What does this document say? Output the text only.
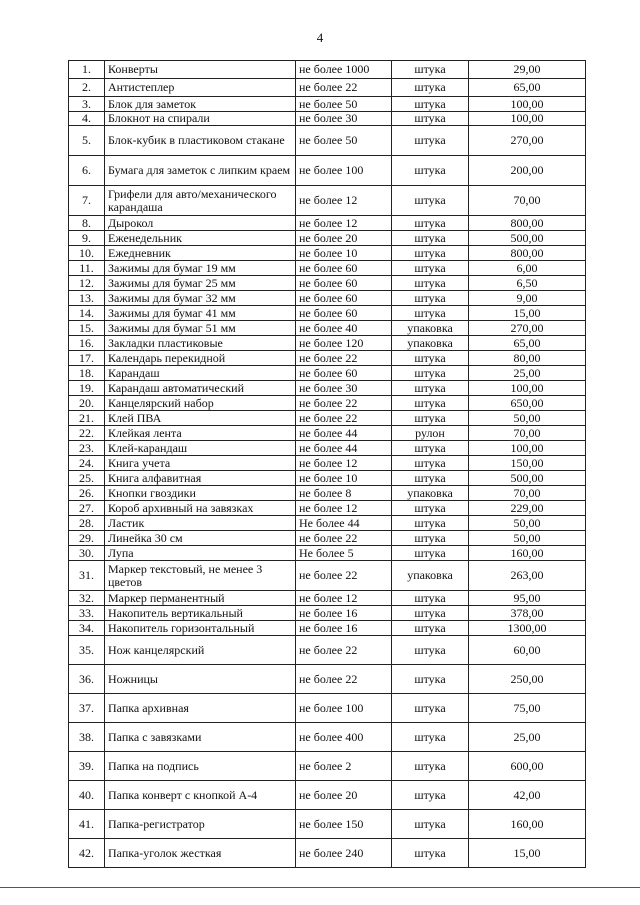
4
1.	Конверты	не более 1000	штука	29,00
2.	Антистеплер	не более 22	штука	65,00
3.	Блок для заметок	не более 50	штука	100,00
4.	Блокнот на спирали	не более 30	штука	100,00
5.	Блок-кубик в пластиковом стакане	не более 50	штука	270,00
6.	Бумага для заметок с липким краем	не более 100	штука	200,00
7.	Грифели для авто/механического карандаша	не более 12	штука	70,00
8.	Дырокол	не более 12	штука	800,00
9.	Еженедельник	не более 20	штука	500,00
10.	Ежедневник	не более 10	штука	800,00
11.	Зажимы для бумаг 19 мм	не более 60	штука	6,00
12.	Зажимы для бумаг 25 мм	не более 60	штука	6,50
13.	Зажимы для бумаг 32 мм	не более 60	штука	9,00
14.	Зажимы для бумаг 41 мм	не более 60	штука	15,00
15.	Зажимы для бумаг 51 мм	не более 40	упаковка	270,00
16.	Закладки пластиковые	не более 120	упаковка	65,00
17.	Календарь перекидной	не более 22	штука	80,00
18.	Карандаш	не более 60	штука	25,00
19.	Карандаш автоматический	не более 30	штука	100,00
20.	Канцелярский набор	не более 22	штука	650,00
21.	Клей ПВА	не более 22	штука	50,00
22.	Клейкая лента	не более 44	рулон	70,00
23.	Клей-карандаш	не более 44	штука	100,00
24.	Книга учета	не более 12	штука	150,00
25.	Книга алфавитная	не более 10	штука	500,00
26.	Кнопки гвоздики	не более 8	упаковка	70,00
27.	Короб архивный на завязках	не более 12	штука	229,00
28.	Ластик	Не более 44	штука	50,00
29.	Линейка 30 см	не более 22	штука	50,00
30.	Лупа	Не более 5	штука	160,00
31.	Маркер текстовый, не менее 3 цветов	не более 22	упаковка	263,00
32.	Маркер перманентный	не более 12	штука	95,00
33.	Накопитель вертикальный	не более 16	штука	378,00
34.	Накопитель горизонтальный	не более 16	штука	1300,00
35.	Нож канцелярский	не более 22	штука	60,00
36.	Ножницы	не более 22	штука	250,00
37.	Папка архивная	не более 100	штука	75,00
38.	Папка с завязками	не более 400	штука	25,00
39.	Папка на подпись	не более 2	штука	600,00
40.	Папка конверт с кнопкой А-4	не более 20	штука	42,00
41.	Папка-регистратор	не более 150	штука	160,00
42.	Папка-уголок жесткая	не более 240	штука	15,00
